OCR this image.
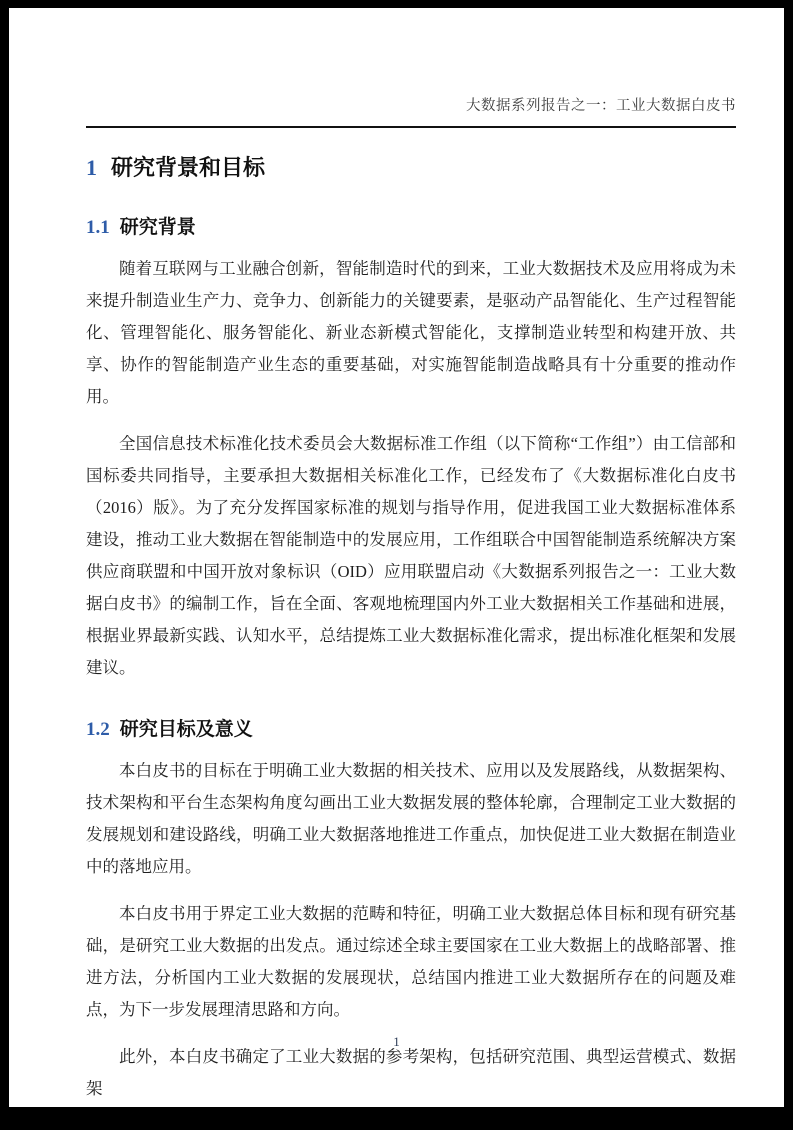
大数据系列报告之一：工业大数据白皮书
1 研究背景和目标
1.1 研究背景

随着互联网与工业融合创新，智能制造时代的到来，工业大数据技术及应用将成为未来提升制造业生产力、竞争力、创新能力的关键要素，是驱动产品智能化、生产过程智能化、管理智能化、服务智能化、新业态新模式智能化，支撑制造业转型和构建开放、共享、协作的智能制造产业生态的重要基础，对实施智能制造战略具有十分重要的推动作用。

全国信息技术标准化技术委员会大数据标准工作组（以下简称“工作组”）由工信部和国标委共同指导，主要承担大数据相关标准化工作，已经发布了《大数据标准化白皮书（2016）版》。为了充分发挥国家标准的规划与指导作用，促进我国工业大数据标准体系建设，推动工业大数据在智能制造中的发展应用，工作组联合中国智能制造系统解决方案供应商联盟和中国开放对象标识（OID）应用联盟启动《大数据系列报告之一：工业大数据白皮书》的编制工作，旨在全面、客观地梳理国内外工业大数据相关工作基础和进展，根据业界最新实践、认知水平，总结提炼工业大数据标准化需求，提出标准化框架和发展建议。

1.2 研究目标及意义

本白皮书的目标在于明确工业大数据的相关技术、应用以及发展路线，从数据架构、技术架构和平台生态架构角度勾画出工业大数据发展的整体轮廓，合理制定工业大数据的发展规划和建设路线，明确工业大数据落地推进工作重点，加快促进工业大数据在制造业中的落地应用。

本白皮书用于界定工业大数据的范畴和特征，明确工业大数据总体目标和现有研究基础，是研究工业大数据的出发点。通过综述全球主要国家在工业大数据上的战略部署、推进方法，分析国内工业大数据的发展现状，总结国内推进工业大数据所存在的问题及难点，为下一步发展理清思路和方向。

此外，本白皮书确定了工业大数据的参考架构，包括研究范围、典型运营模式、数据架

1
